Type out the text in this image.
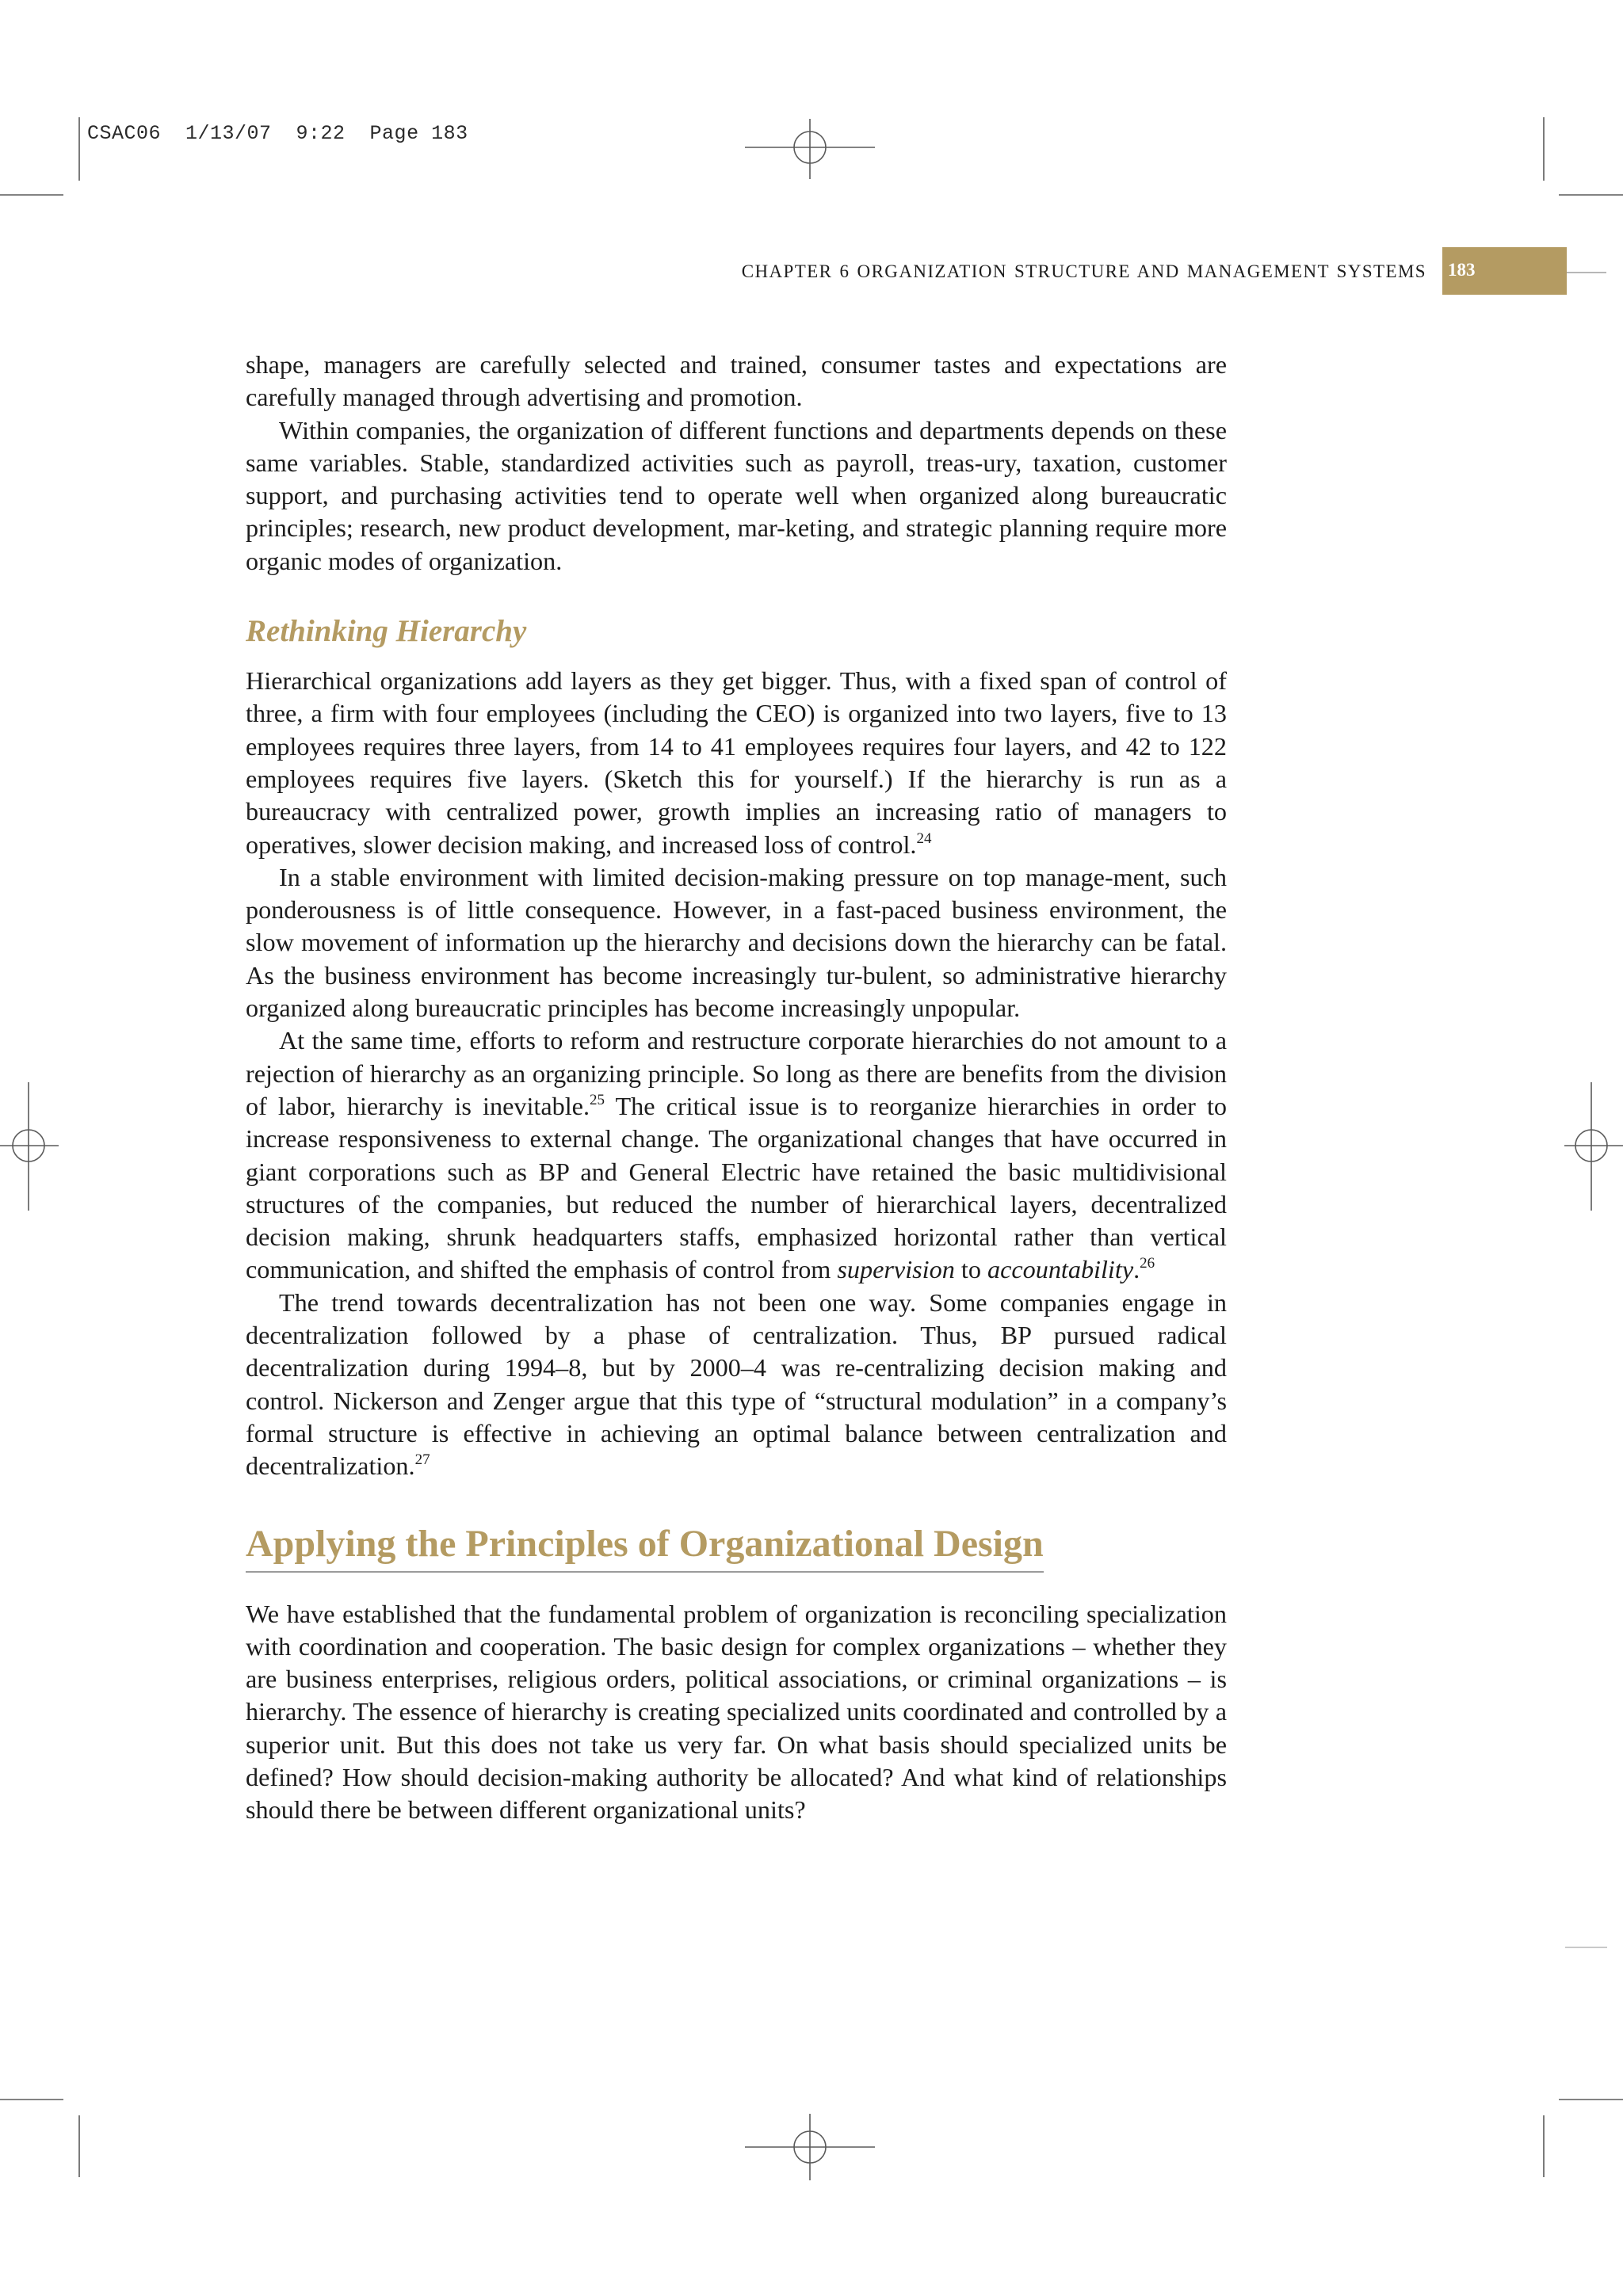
CSAC06  1/13/07  9:22  Page 183
CHAPTER 6 ORGANIZATION STRUCTURE AND MANAGEMENT SYSTEMS 183

shape, managers are carefully selected and trained, consumer tastes and expectations are carefully managed through advertising and promotion.

Within companies, the organization of different functions and departments depends on these same variables. Stable, standardized activities such as payroll, treas-ury, taxation, customer support, and purchasing activities tend to operate well when organized along bureaucratic principles; research, new product development, mar-keting, and strategic planning require more organic modes of organization.

Rethinking Hierarchy

Hierarchical organizations add layers as they get bigger. Thus, with a fixed span of control of three, a firm with four employees (including the CEO) is organized into two layers, five to 13 employees requires three layers, from 14 to 41 employees requires four layers, and 42 to 122 employees requires five layers. (Sketch this for yourself.) If the hierarchy is run as a bureaucracy with centralized power, growth implies an increasing ratio of managers to operatives, slower decision making, and increased loss of control.$^{24}$

In a stable environment with limited decision-making pressure on top manage-ment, such ponderousness is of little consequence. However, in a fast-paced business environment, the slow movement of information up the hierarchy and decisions down the hierarchy can be fatal. As the business environment has become increasingly tur-bulent, so administrative hierarchy organized along bureaucratic principles has become increasingly unpopular.

At the same time, efforts to reform and restructure corporate hierarchies do not amount to a rejection of hierarchy as an organizing principle. So long as there are benefits from the division of labor, hierarchy is inevitable.$^{25}$ The critical issue is to reorganize hierarchies in order to increase responsiveness to external change. The organizational changes that have occurred in giant corporations such as BP and General Electric have retained the basic multidivisional structures of the companies, but reduced the number of hierarchical layers, decentralized decision making, shrunk headquarters staffs, emphasized horizontal rather than vertical communication, and shifted the emphasis of control from supervision to accountability.$^{26}$

The trend towards decentralization has not been one way. Some companies engage in decentralization followed by a phase of centralization. Thus, BP pursued radical decentralization during 1994–8, but by 2000–4 was re-centralizing decision making and control. Nickerson and Zenger argue that this type of “structural modulation” in a company’s formal structure is effective in achieving an optimal balance between centralization and decentralization.$^{27}$

Applying the Principles of Organizational Design

We have established that the fundamental problem of organization is reconciling specialization with coordination and cooperation. The basic design for complex organizations – whether they are business enterprises, religious orders, political associations, or criminal organizations – is hierarchy. The essence of hierarchy is creating specialized units coordinated and controlled by a superior unit. But this does not take us very far. On what basis should specialized units be defined? How should decision-making authority be allocated? And what kind of relationships should there be between different organizational units?
